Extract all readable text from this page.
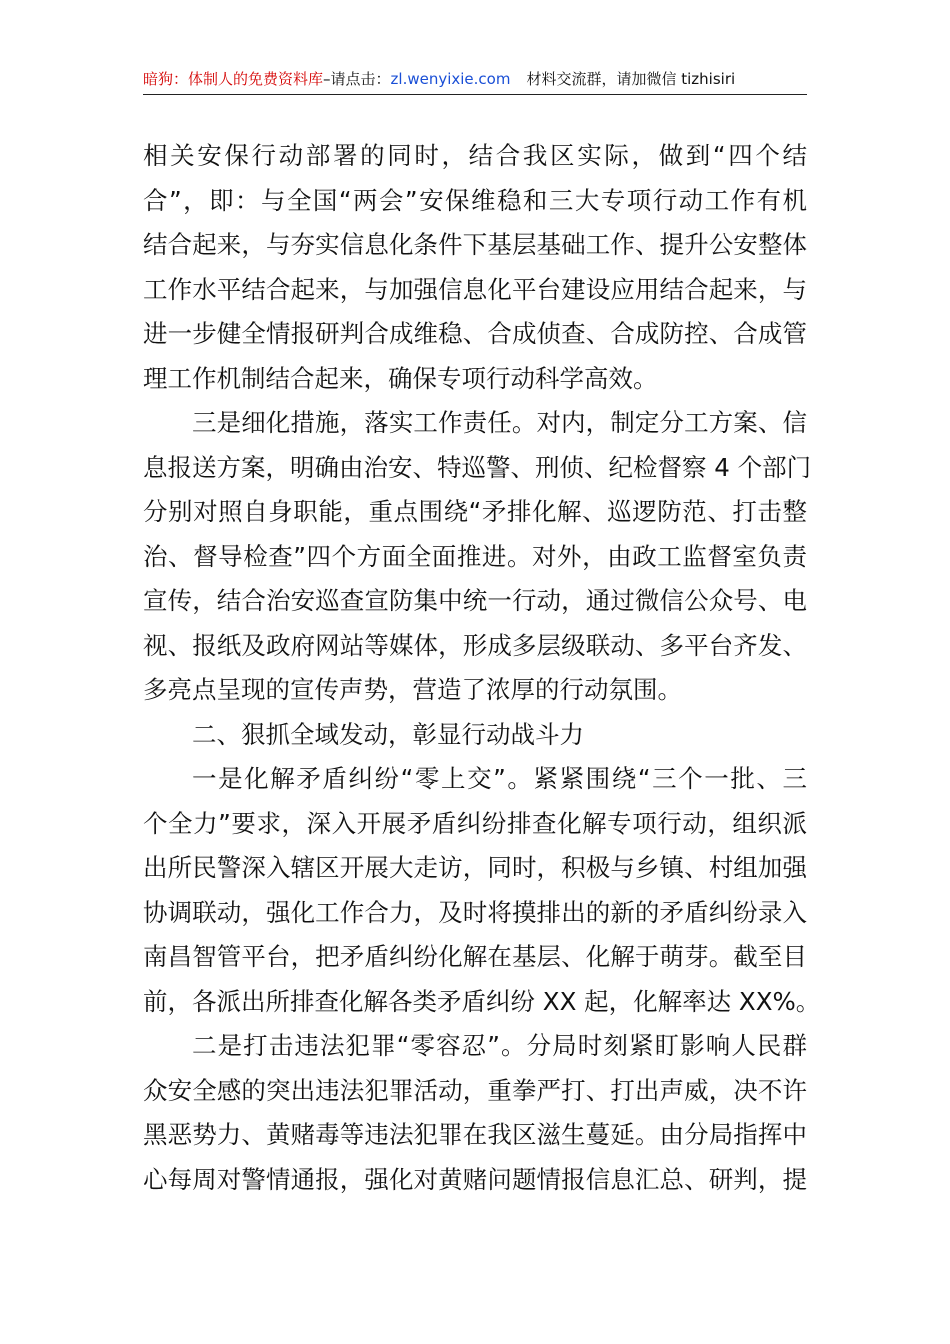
暗狗：体制人的免费资料库–请点击：zl.wenyixie.com 材料交流群，请加微信 tizhisiri
相关安保行动部署的同时，结合我区实际，做到“四个结
合”，即：与全国“两会”安保维稳和三大专项行动工作有机
结合起来，与夯实信息化条件下基层基础工作、提升公安整体
工作水平结合起来，与加强信息化平台建设应用结合起来，与
进一步健全情报研判合成维稳、合成侦查、合成防控、合成管
理工作机制结合起来，确保专项行动科学高效。
三是细化措施，落实工作责任。对内，制定分工方案、信
息报送方案，明确由治安、特巡警、刑侦、纪检督察 4 个部门
分别对照自身职能，重点围绕“矛排化解、巡逻防范、打击整
治、督导检查”四个方面全面推进。对外，由政工监督室负责
宣传，结合治安巡查宣防集中统一行动，通过微信公众号、电
视、报纸及政府网站等媒体，形成多层级联动、多平台齐发、
多亮点呈现的宣传声势，营造了浓厚的行动氛围。
二、狠抓全域发动，彰显行动战斗力
一是化解矛盾纠纷“零上交”。紧紧围绕“三个一批、三
个全力”要求，深入开展矛盾纠纷排查化解专项行动，组织派
出所民警深入辖区开展大走访，同时，积极与乡镇、村组加强
协调联动，强化工作合力，及时将摸排出的新的矛盾纠纷录入
南昌智管平台，把矛盾纠纷化解在基层、化解于萌芽。截至目
前，各派出所排查化解各类矛盾纠纷 XX 起，化解率达 XX%。
二是打击违法犯罪“零容忍”。分局时刻紧盯影响人民群
众安全感的突出违法犯罪活动，重拳严打、打出声威，决不许
黑恶势力、黄赌毒等违法犯罪在我区滋生蔓延。由分局指挥中
心每周对警情通报，强化对黄赌问题情报信息汇总、研判，提
